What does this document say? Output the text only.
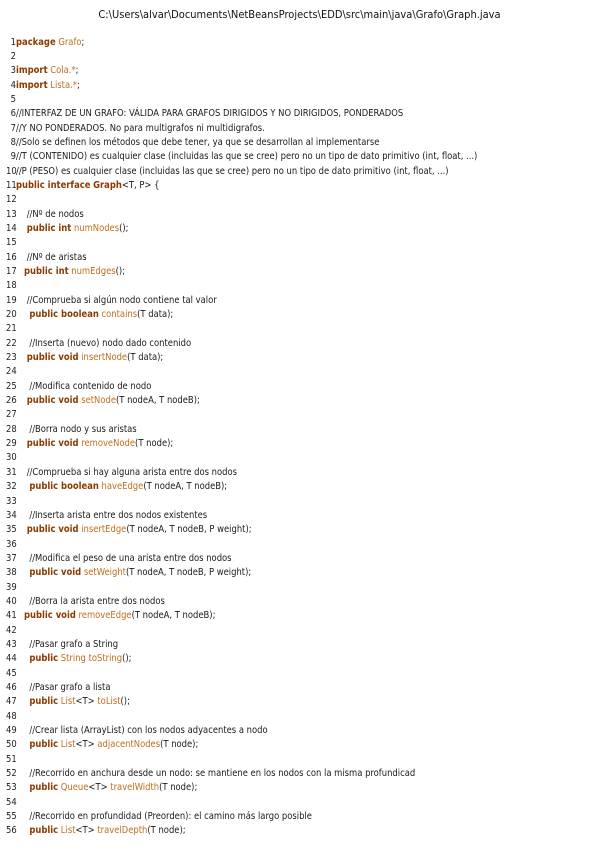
C:\Users\alvar\Documents\NetBeansProjects\EDD\src\main\java\Grafo\Graph.java
1package Grafo;
2
3import Cola.*;
4import Lista.*;
5
6//INTERFAZ DE UN GRAFO: VÁLIDA PARA GRAFOS DIRIGIDOS Y NO DIRIGIDOS, PONDERADOS
7//Y NO PONDERADOS. No para multigrafos ni multidigrafos.
8//Solo se definen los métodos que debe tener, ya que se desarrollan al implementarse
9//T (CONTENIDO) es cualquier clase (incluidas las que se cree) pero no un tipo de dato primitivo (int, float, ...)
10//P (PESO) es cualquier clase (incluidas las que se cree) pero no un tipo de dato primitivo (int, float, ...)
11public interface Graph<T, P> {
12
13 //Nº de nodos
14 public int numNodes();
15
16 //Nº de aristas
17 public int numEdges();
18
19 //Comprueba si algún nodo contiene tal valor
20 public boolean contains(T data);
21
22 //Inserta (nuevo) nodo dado contenido
23 public void insertNode(T data);
24
25 //Modifica contenido de nodo
26 public void setNode(T nodeA, T nodeB);
27
28 //Borra nodo y sus aristas
29 public void removeNode(T node);
30
31 //Comprueba si hay alguna arista entre dos nodos
32 public boolean haveEdge(T nodeA, T nodeB);
33
34 //Inserta arista entre dos nodos existentes
35 public void insertEdge(T nodeA, T nodeB, P weight);
36
37 //Modifica el peso de una arista entre dos nodos
38 public void setWeight(T nodeA, T nodeB, P weight);
39
40 //Borra la arista entre dos nodos
41 public void removeEdge(T nodeA, T nodeB);
42
43 //Pasar grafo a String
44 public String toString();
45
46 //Pasar grafo a lista
47 public List<T> toList();
48
49 //Crear lista (ArrayList) con los nodos adyacentes a nodo
50 public List<T> adjacentNodes(T node);
51
52 //Recorrido en anchura desde un nodo: se mantiene en los nodos con la misma profundicad
53 public Queue<T> travelWidth(T node);
54
55 //Recorrido en profundidad (Preorden): el camino más largo posible
56 public List<T> travelDepth(T node);
